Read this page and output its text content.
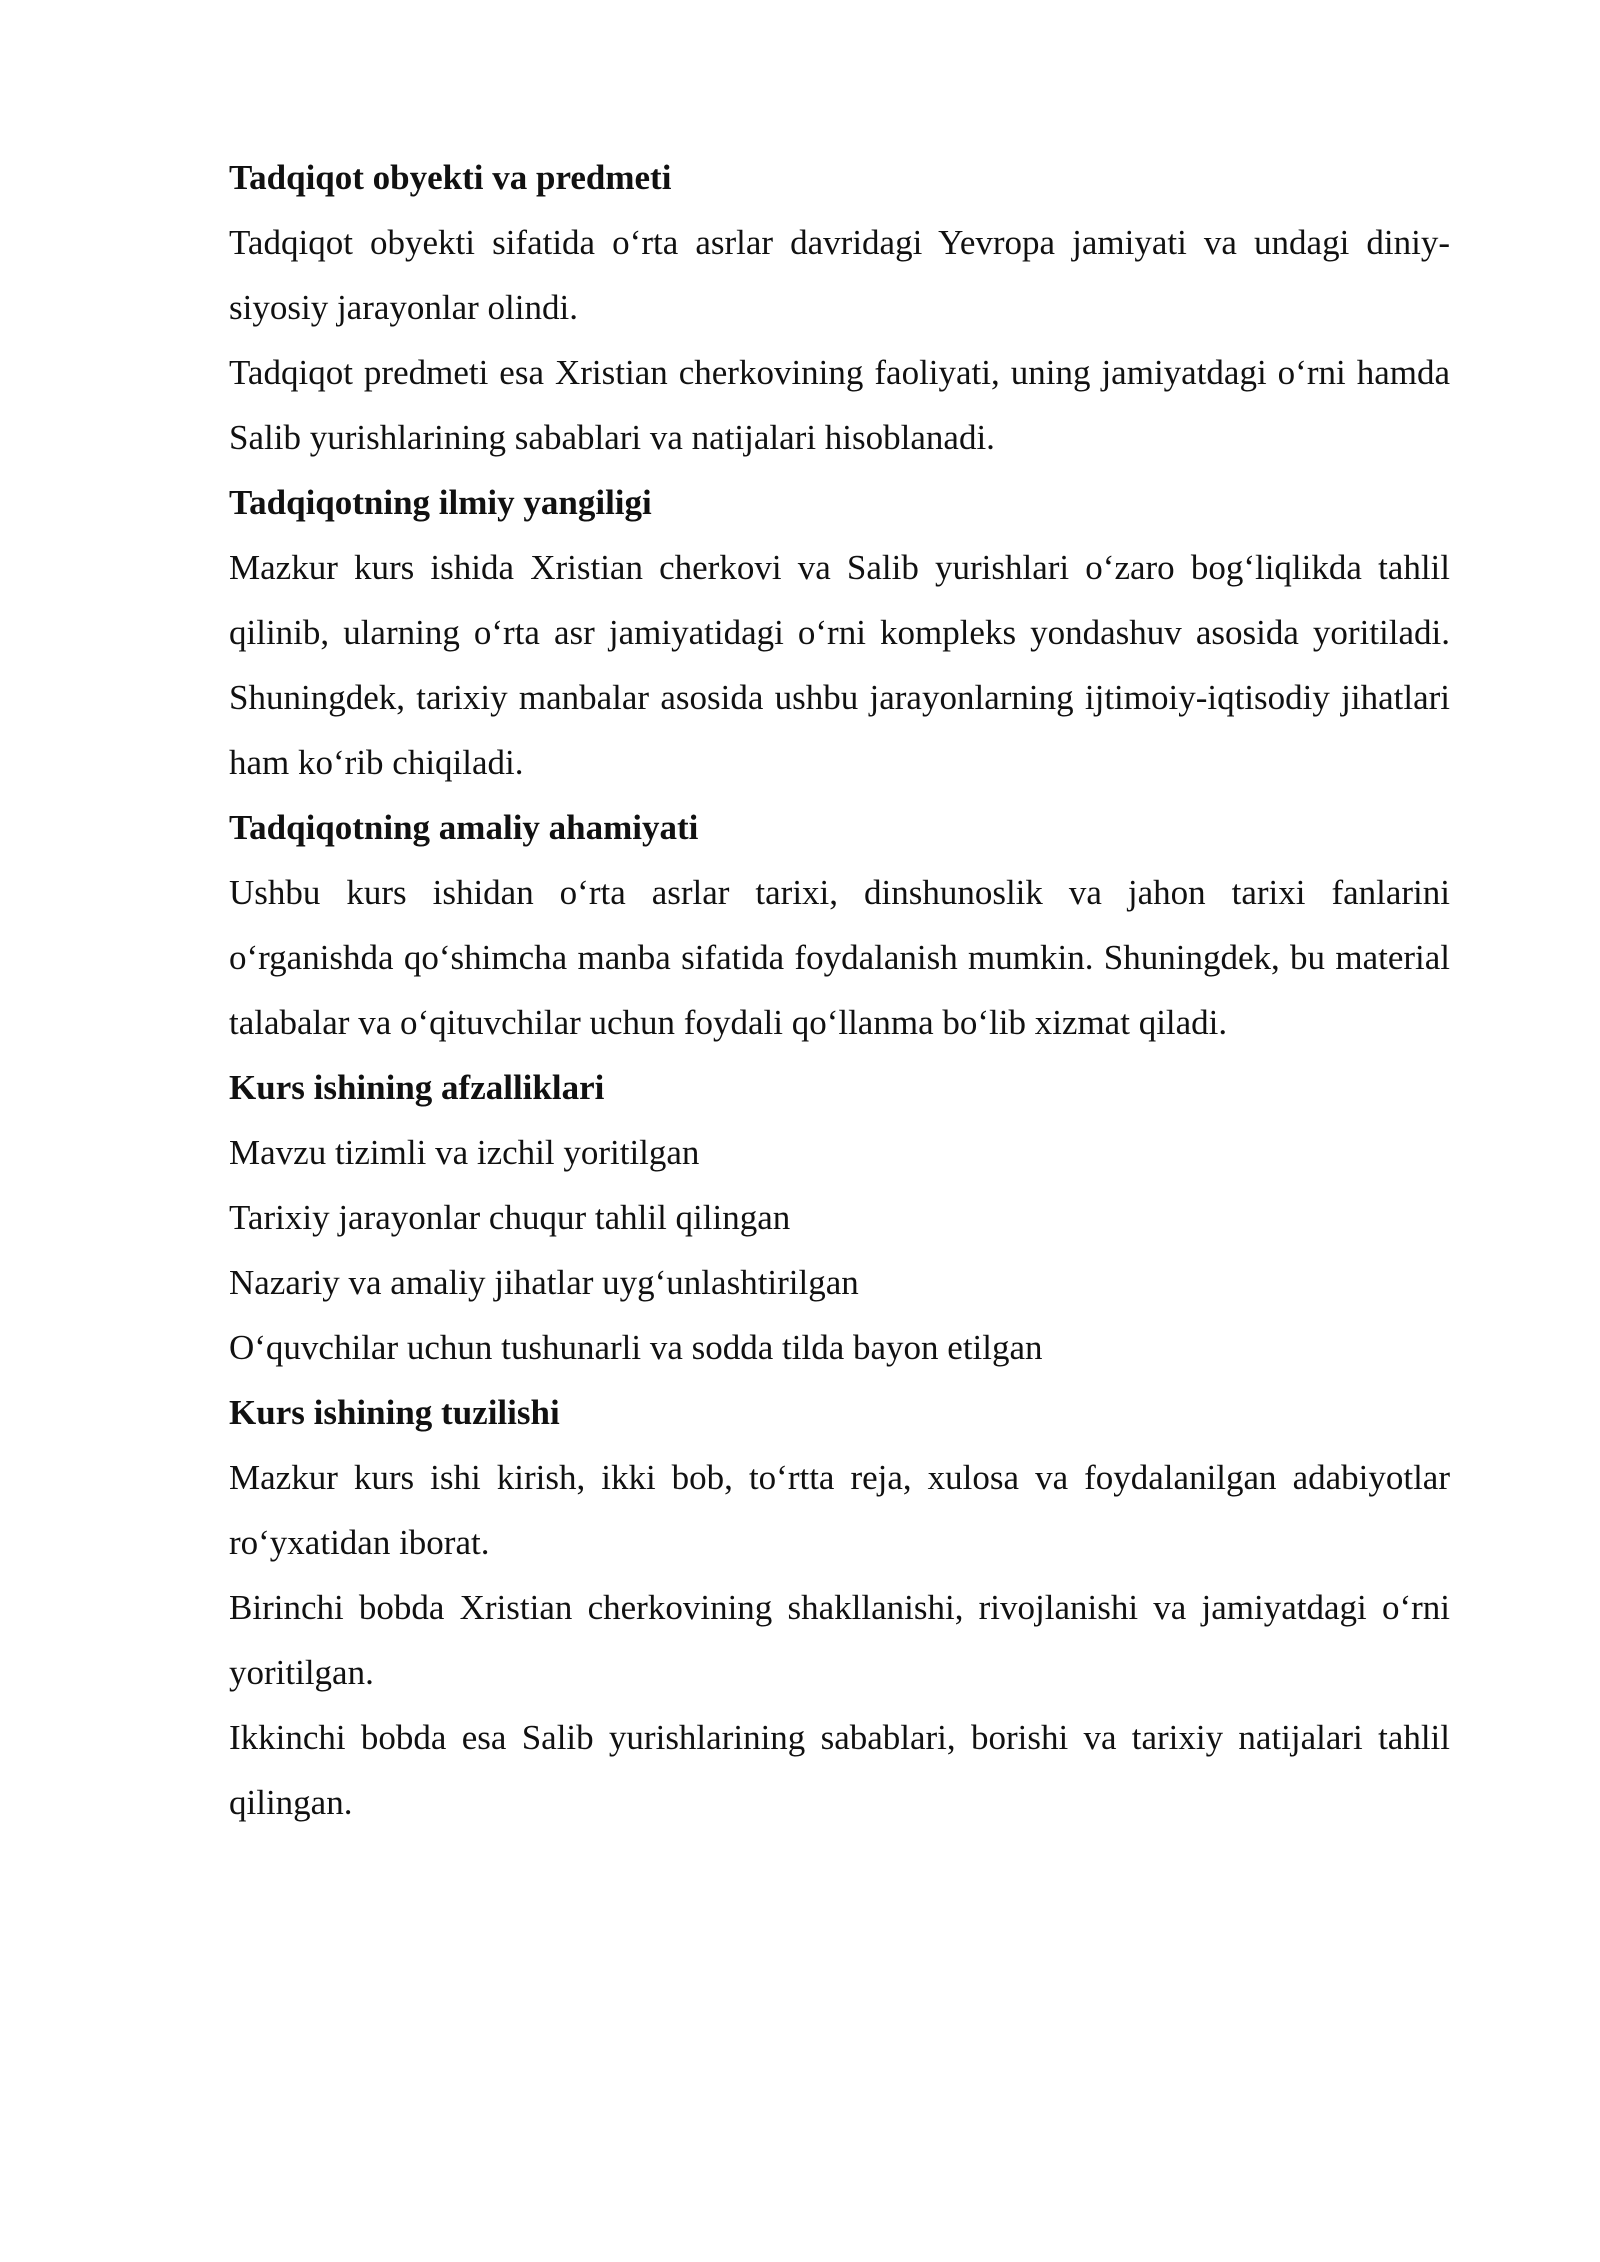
Tadqiqot obyekti va predmeti

Tadqiqot obyekti sifatida o‘rta asrlar davridagi Yevropa jamiyati va undagi diniy-siyosiy jarayonlar olindi.

Tadqiqot predmeti esa Xristian cherkovining faoliyati, uning jamiyatdagi o‘rni hamda Salib yurishlarining sabablari va natijalari hisoblanadi.

Tadqiqotning ilmiy yangiligi

Mazkur kurs ishida Xristian cherkovi va Salib yurishlari o‘zaro bog‘liqlikda tahlil qilinib, ularning o‘rta asr jamiyatidagi o‘rni kompleks yondashuv asosida yoritiladi. Shuningdek, tarixiy manbalar asosida ushbu jarayonlarning ijtimoiy-iqtisodiy jihatlari ham ko‘rib chiqiladi.

Tadqiqotning amaliy ahamiyati

Ushbu kurs ishidan o‘rta asrlar tarixi, dinshunoslik va jahon tarixi fanlarini o‘rganishda qo‘shimcha manba sifatida foydalanish mumkin. Shuningdek, bu material talabalar va o‘qituvchilar uchun foydali qo‘llanma bo‘lib xizmat qiladi.

Kurs ishining afzalliklari

Mavzu tizimli va izchil yoritilgan

Tarixiy jarayonlar chuqur tahlil qilingan

Nazariy va amaliy jihatlar uyg‘unlashtirilgan

O‘quvchilar uchun tushunarli va sodda tilda bayon etilgan

Kurs ishining tuzilishi

Mazkur kurs ishi kirish, ikki bob, to‘rtta reja, xulosa va foydalanilgan adabiyotlar ro‘yxatidan iborat.

Birinchi bobda Xristian cherkovining shakllanishi, rivojlanishi va jamiyatdagi o‘rni yoritilgan.

Ikkinchi bobda esa Salib yurishlarining sabablari, borishi va tarixiy natijalari tahlil qilingan.
